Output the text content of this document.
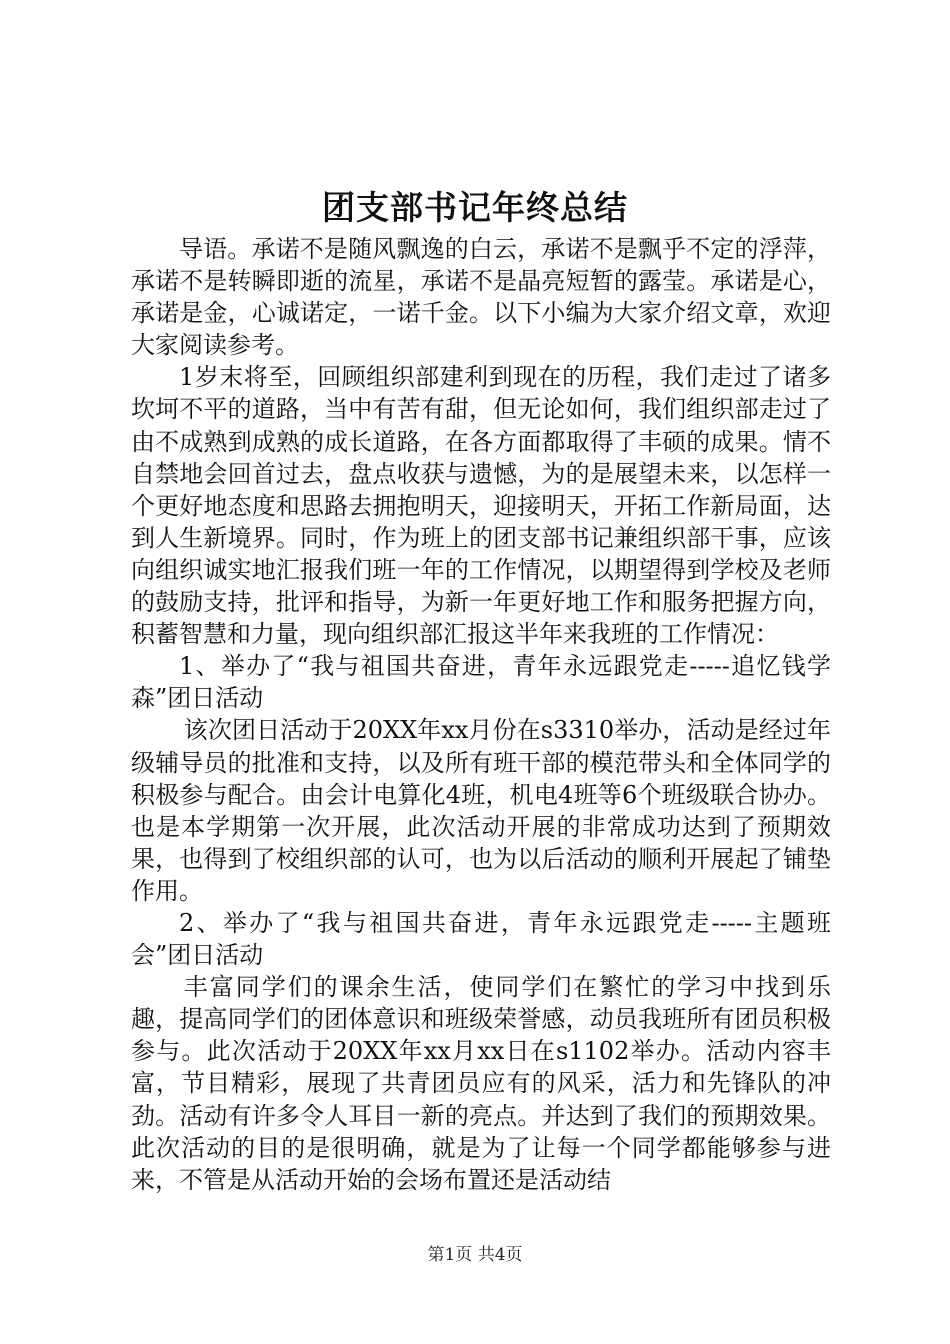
团支部书记年终总结

导语。承诺不是随风飘逸的白云，承诺不是飘乎不定的浮萍，承诺不是转瞬即逝的流星，承诺不是晶亮短暂的露莹。承诺是心，承诺是金，心诚诺定，一诺千金。以下小编为大家介绍文章，欢迎大家阅读参考。

1岁末将至，回顾组织部建利到现在的历程，我们走过了诸多坎坷不平的道路，当中有苦有甜，但无论如何，我们组织部走过了由不成熟到成熟的成长道路，在各方面都取得了丰硕的成果。情不自禁地会回首过去，盘点收获与遗憾，为的是展望未来，以怎样一个更好地态度和思路去拥抱明天，迎接明天，开拓工作新局面，达到人生新境界。同时，作为班上的团支部书记兼组织部干事，应该向组织诚实地汇报我们班一年的工作情况，以期望得到学校及老师的鼓励支持，批评和指导，为新一年更好地工作和服务把握方向，积蓄智慧和力量，现向组织部汇报这半年来我班的工作情况：

1、举办了“我与祖国共奋进，青年永远跟党走-----追忆钱学森”团日活动

该次团日活动于20XX年xx月份在s3310举办，活动是经过年级辅导员的批准和支持，以及所有班干部的模范带头和全体同学的积极参与配合。由会计电算化4班，机电4班等6个班级联合协办。也是本学期第一次开展，此次活动开展的非常成功达到了预期效果，也得到了校组织部的认可，也为以后活动的顺利开展起了铺垫作用。

2、举办了“我与祖国共奋进，青年永远跟党走-----主题班会”团日活动

丰富同学们的课余生活，使同学们在繁忙的学习中找到乐趣，提高同学们的团体意识和班级荣誉感，动员我班所有团员积极参与。此次活动于20XX年xx月xx日在s1102举办。活动内容丰富，节目精彩，展现了共青团员应有的风采，活力和先锋队的冲劲。活动有许多令人耳目一新的亮点。并达到了我们的预期效果。此次活动的目的是很明确，就是为了让每一个同学都能够参与进来，不管是从活动开始的会场布置还是活动结

第1页 共4页
